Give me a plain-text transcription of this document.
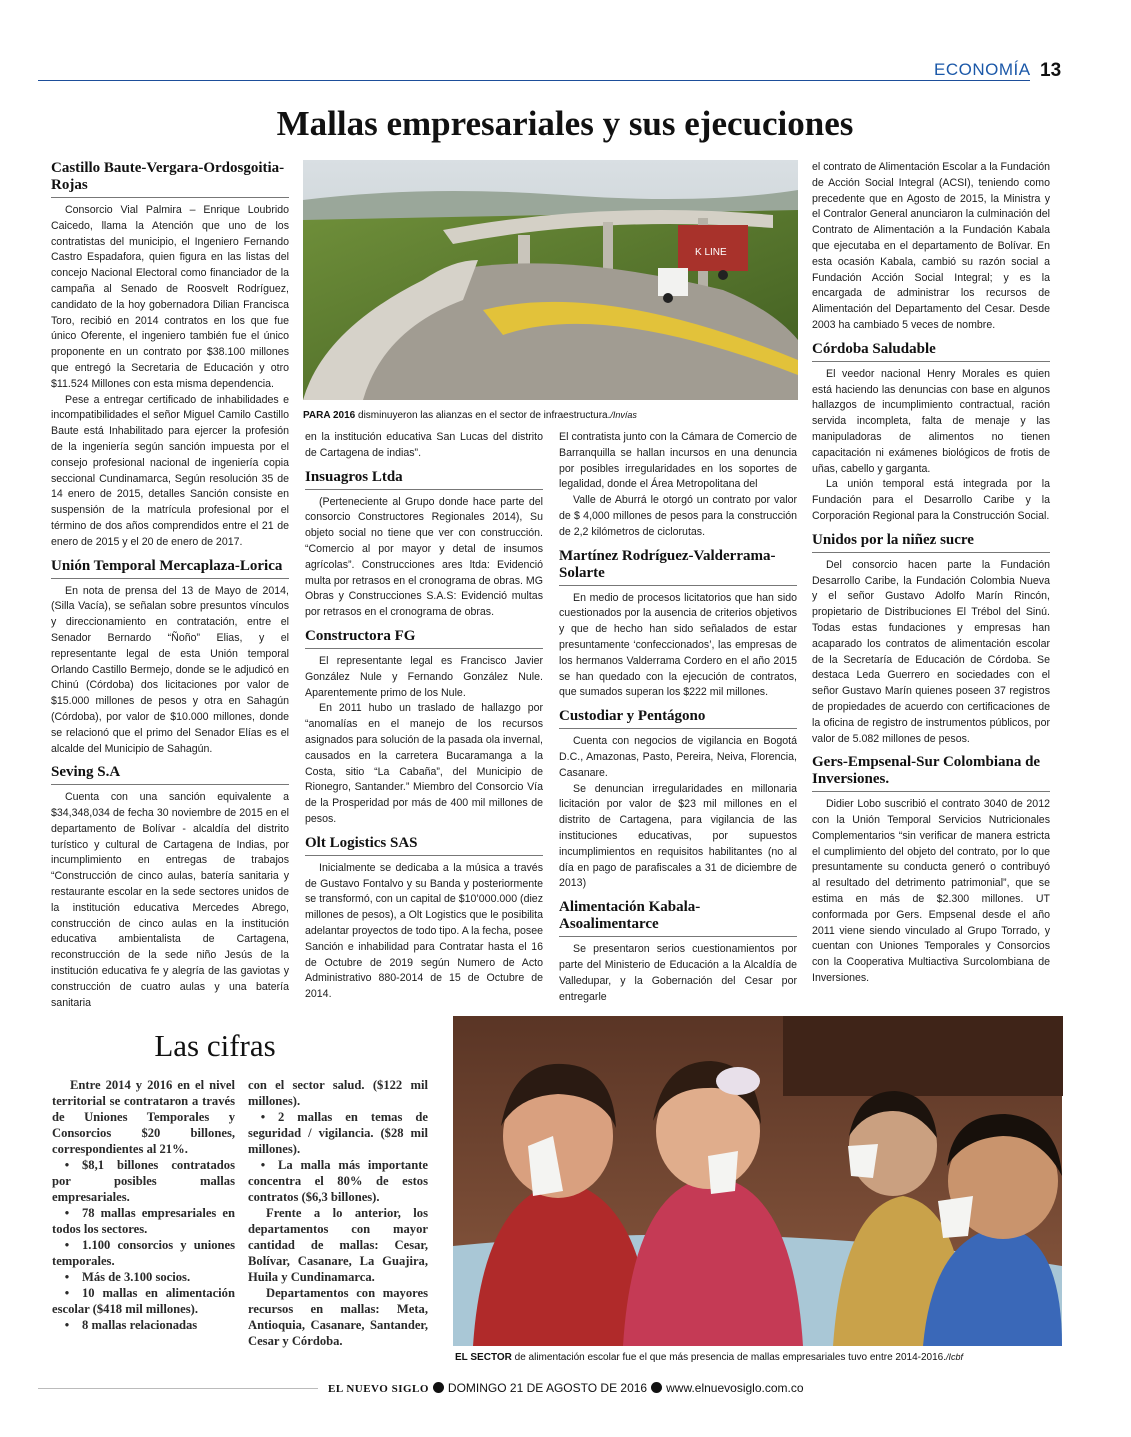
ECONOMÍA 13
Mallas empresariales y sus ejecuciones
K LINE
PARA 2016 disminuyeron las alianzas en el sector de infraestructura./Invías
Castillo Baute-Vergara-Ordosgoitia-Rojas

Consorcio Vial Palmira – Enrique Loubrido Caicedo, llama la Atención que uno de los contratistas del municipio, el Ingeniero Fernando Castro Espadafora, quien figura en las listas del concejo Nacional Electoral como financiador de la campaña al Senado de Roosvelt Rodríguez, candidato de la hoy gobernadora Dilian Francisca Toro, recibió en 2014 contratos en los que fue único Oferente, el ingeniero también fue el único proponente en un contrato por $38.100 millones que entregó la Secretaria de Educación y otro $11.524 Millones con esta misma dependencia.

Pese a entregar certificado de inhabilidades e incompatibilidades el señor Miguel Camilo Castillo Baute está Inhabilitado para ejercer la profesión de la ingeniería según sanción impuesta por el consejo profesional nacional de ingeniería copia seccional Cundinamarca, Según resolución 35 de 14 enero de 2015, detalles Sanción consiste en suspensión de la matrícula profesional por el término de dos años comprendidos entre el 21 de enero de 2015 y el 20 de enero de 2017.

Unión Temporal Mercaplaza-Lorica

En nota de prensa del 13 de Mayo de 2014, (Silla Vacía), se señalan sobre presuntos vínculos y direccionamiento en contratación, entre el Senador Bernardo “Ñoño” Elias, y el representante legal de esta Unión temporal Orlando Castillo Bermejo, donde se le adjudicó en Chinú (Córdoba) dos licitaciones por valor de $15.000 millones de pesos y otra en Sahagún (Córdoba), por valor de $10.000 millones, donde se relacionó que el primo del Senador Elías es el alcalde del Municipio de Sahagún.

Seving S.A

Cuenta con una sanción equivalente a $34,348,034 de fecha 30 noviembre de 2015 en el departamento de Bolívar - alcaldía del distrito turístico y cultural de Cartagena de Indias, por incumplimiento en entregas de trabajos “Construcción de cinco aulas, batería sanitaria y restaurante escolar en la sede sectores unidos de la institución educativa Mercedes Abrego, construcción de cinco aulas en la institución educativa ambientalista de Cartagena, reconstrucción de la sede niño Jesús de la institución educativa fe y alegría de las gaviotas y construcción de cuatro aulas y una batería sanitaria

en la institución educativa San Lucas del distrito de Cartagena de indias”.

Insuagros Ltda

(Perteneciente al Grupo donde hace parte del consorcio Constructores Regionales 2014), Su objeto social no tiene que ver con construcción. “Comercio al por mayor y detal de insumos agrícolas”. Construcciones ares ltda: Evidenció multa por retrasos en el cronograma de obras. MG Obras y Construcciones S.A.S: Evidenció multas por retrasos en el cronograma de obras.

Constructora FG

El representante legal es Francisco Javier González Nule y Fernando González Nule. Aparentemente primo de los Nule.

En 2011 hubo un traslado de hallazgo por “anomalías en el manejo de los recursos asignados para solución de la pasada ola invernal, causados en la carretera Bucaramanga a la Costa, sitio “La Cabaña”, del Municipio de Rionegro, Santander.” Miembro del Consorcio Vía de la Prosperidad por más de 400 mil millones de pesos.

Olt Logistics SAS

Inicialmente se dedicaba a la música a través de Gustavo Fontalvo y su Banda y posteriormente se transformó, con un capital de $10’000.000 (diez millones de pesos), a Olt Logistics que le posibilita adelantar proyectos de todo tipo. A la fecha, posee Sanción e inhabilidad para Contratar hasta el 16 de Octubre de 2019 según Numero de Acto Administrativo 880-2014 de 15 de Octubre de 2014.

El contratista junto con la Cámara de Comercio de Barranquilla se hallan incursos en una denuncia por posibles irregularidades en los soportes de legalidad, donde el Área Metropolitana del

Valle de Aburrá le otorgó un contrato por valor de $ 4,000 millones de pesos para la construcción de 2,2 kilómetros de ciclorutas.

Martínez Rodríguez-Valderrama-Solarte

En medio de procesos licitatorios que han sido cuestionados por la ausencia de criterios objetivos y que de hecho han sido señalados de estar presuntamente ‘confeccionados’, las empresas de los hermanos Valderrama Cordero en el año 2015 se han quedado con la ejecución de contratos, que sumados superan los $222 mil millones.

Custodiar y Pentágono

Cuenta con negocios de vigilancia en Bogotá D.C., Amazonas, Pasto, Pereira, Neiva, Florencia, Casanare.

Se denuncian irregularidades en millonaria licitación por valor de $23 mil millones en el distrito de Cartagena, para vigilancia de las instituciones educativas, por supuestos incumplimientos en requisitos habilitantes (no al día en pago de parafiscales a 31 de diciembre de 2013)

Alimentación Kabala-Asoalimentarce

Se presentaron serios cuestionamientos por parte del Ministerio de Educación a la Alcaldía de Valledupar, y la Gobernación del Cesar por entregarle

el contrato de Alimentación Escolar a la Fundación de Acción Social Integral (ACSI), teniendo como precedente que en Agosto de 2015, la Ministra y el Contralor General anunciaron la culminación del Contrato de Alimentación a la Fundación Kabala que ejecutaba en el departamento de Bolívar. En esta ocasión Kabala, cambió su razón social a Fundación Acción Social Integral; y es la encargada de administrar los recursos de Alimentación del Departamento del Cesar. Desde 2003 ha cambiado 5 veces de nombre.

Córdoba Saludable

El veedor nacional Henry Morales es quien está haciendo las denuncias con base en algunos hallazgos de incumplimiento contractual, ración servida incompleta, falta de menaje y las manipuladoras de alimentos no tienen capacitación ni exámenes biológicos de frotis de uñas, cabello y garganta.

La unión temporal está integrada por la Fundación para el Desarrollo Caribe y la Corporación Regional para la Construcción Social.

Unidos por la niñez sucre

Del consorcio hacen parte la Fundación Desarrollo Caribe, la Fundación Colombia Nueva y el señor Gustavo Adolfo Marín Rincón, propietario de Distribuciones El Trébol del Sinú. Todas estas fundaciones y empresas han acaparado los contratos de alimentación escolar de la Secretaría de Educación de Córdoba. Se destaca Leda Guerrero en sociedades con el señor Gustavo Marín quienes poseen 37 registros de propiedades de acuerdo con certificaciones de la oficina de registro de instrumentos públicos, por valor de 5.082 millones de pesos.

Gers-Empsenal-Sur Colombiana de Inversiones.

Didier Lobo suscribió el contrato 3040 de 2012 con la Unión Temporal Servicios Nutricionales Complementarios “sin verificar de manera estricta el cumplimiento del objeto del contrato, por lo que presuntamente su conducta generó o contribuyó al resultado del detrimento patrimonial”, que se estima en más de $2.300 millones. UT conformada por Gers. Empsenal desde el año 2011 viene siendo vinculado al Grupo Torrado, y cuentan con Uniones Temporales y Consorcios con la Cooperativa Multiactiva Surcolombiana de Inversiones.

Las cifras

Entre 2014 y 2016 en el nivel territorial se contrataron a través de Uniones Temporales y Consorcios $20 billones, correspondientes al 21%.

• $8,1 billones contratados por posibles mallas empresariales.

• 78 mallas empresariales en todos los sectores.

• 1.100 consorcios y uniones temporales.

• Más de 3.100 socios.

• 10 mallas en alimentación escolar ($418 mil millones).

• 8 mallas relacionadas

con el sector salud. ($122 mil millones).

• 2 mallas en temas de seguridad / vigilancia. ($28 mil millones).

• La malla más importante concentra el 80% de estos contratos ($6,3 billones).

Frente a lo anterior, los departamentos con mayor cantidad de mallas: Cesar, Bolívar, Casanare, La Guajira, Huila y Cundinamarca.

Departamentos con mayores recursos en mallas: Meta, Antioquia, Casanare, Santander, Cesar y Córdoba.

EL SECTOR de alimentación escolar fue el que más presencia de mallas empresariales tuvo entre 2014-2016./Icbf
EL NUEVO SIGLO DOMINGO 21 DE AGOSTO DE 2016 www.elnuevosiglo.com.co
